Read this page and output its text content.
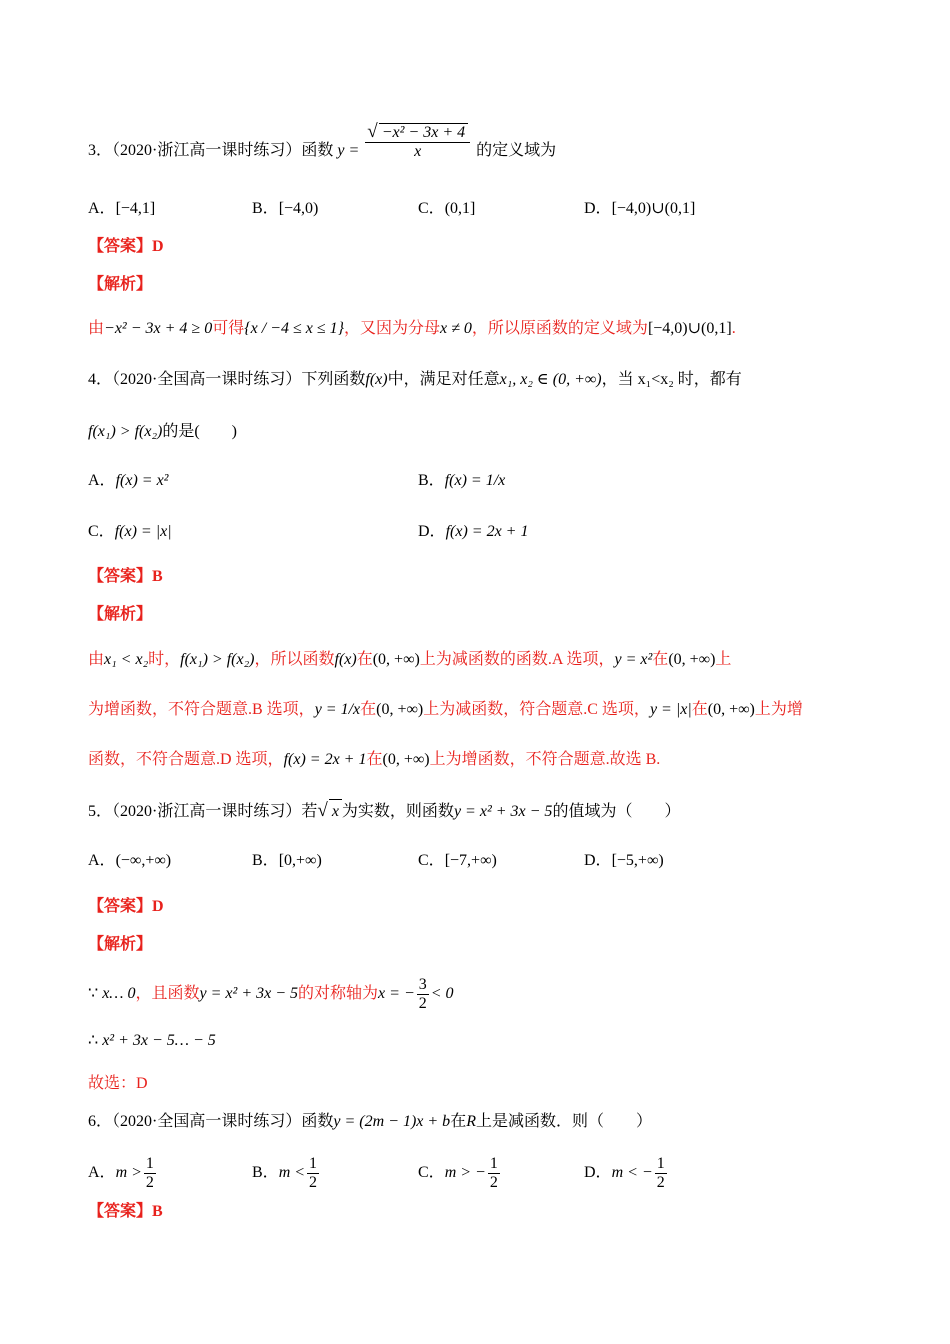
3．（2020·浙江高一课时练习）函数 $y = \frac{\text{√ −x² − 3x + 4}}{x}$ 的定义域为
A．[−4,1]	B．[−4,0)	C．(0,1]	D．[−4,0)∪(0,1]
【答案】D
【解析】
由−x² − 3x + 4 ≥ 0可得{x / −4 ≤ x ≤ 1}，又因为分母x ≠ 0，所以原函数的定义域为[−4,0)∪(0,1].
4．（2020·全国高一课时练习）下列函数f(x)中，满足对任意x₁, x₂ ∈ (0, +∞)，当 x₁<x₂ 时，都有
f(x₁) > f(x₂)的是(　　)
A．f(x) = x²	B．f(x) = 1/x
C．f(x) = |x|	D．f(x) = 2x + 1
【答案】B
【解析】
由x₁ < x₂时，f(x₁) > f(x₂)，所以函数f(x)在(0, +∞)上为减函数的函数.A 选项，y = x²在(0, +∞)上
为增函数，不符合题意.B 选项，y = 1/x在(0, +∞)上为减函数，符合题意.C 选项，y = |x|在(0, +∞)上为增
函数，不符合题意.D 选项，f(x) = 2x + 1在(0, +∞)上为增函数，不符合题意.故选 B.
5．（2020·浙江高一课时练习）若√ x 为实数，则函数y = x² + 3x − 5的值域为（　　）
A．(−∞,+∞)	B．[0,+∞)	C．[−7,+∞)	D．[−5,+∞)
【答案】D
【解析】
∵ x… 0，且函数y = x² + 3x − 5的对称轴为x = − $\frac{3}{2} < 0$
∴ x² + 3x − 5… − 5
故选：D
6．（2020·全国高一课时练习）函数y = (2m − 1)x + b在R上是减函数．则（　　）
A．$m > \frac{1}{2}$	B．$m < \frac{1}{2}$	C．m > − $\frac{1}{2}$	D．m < − $\frac{1}{2}$
【答案】B
